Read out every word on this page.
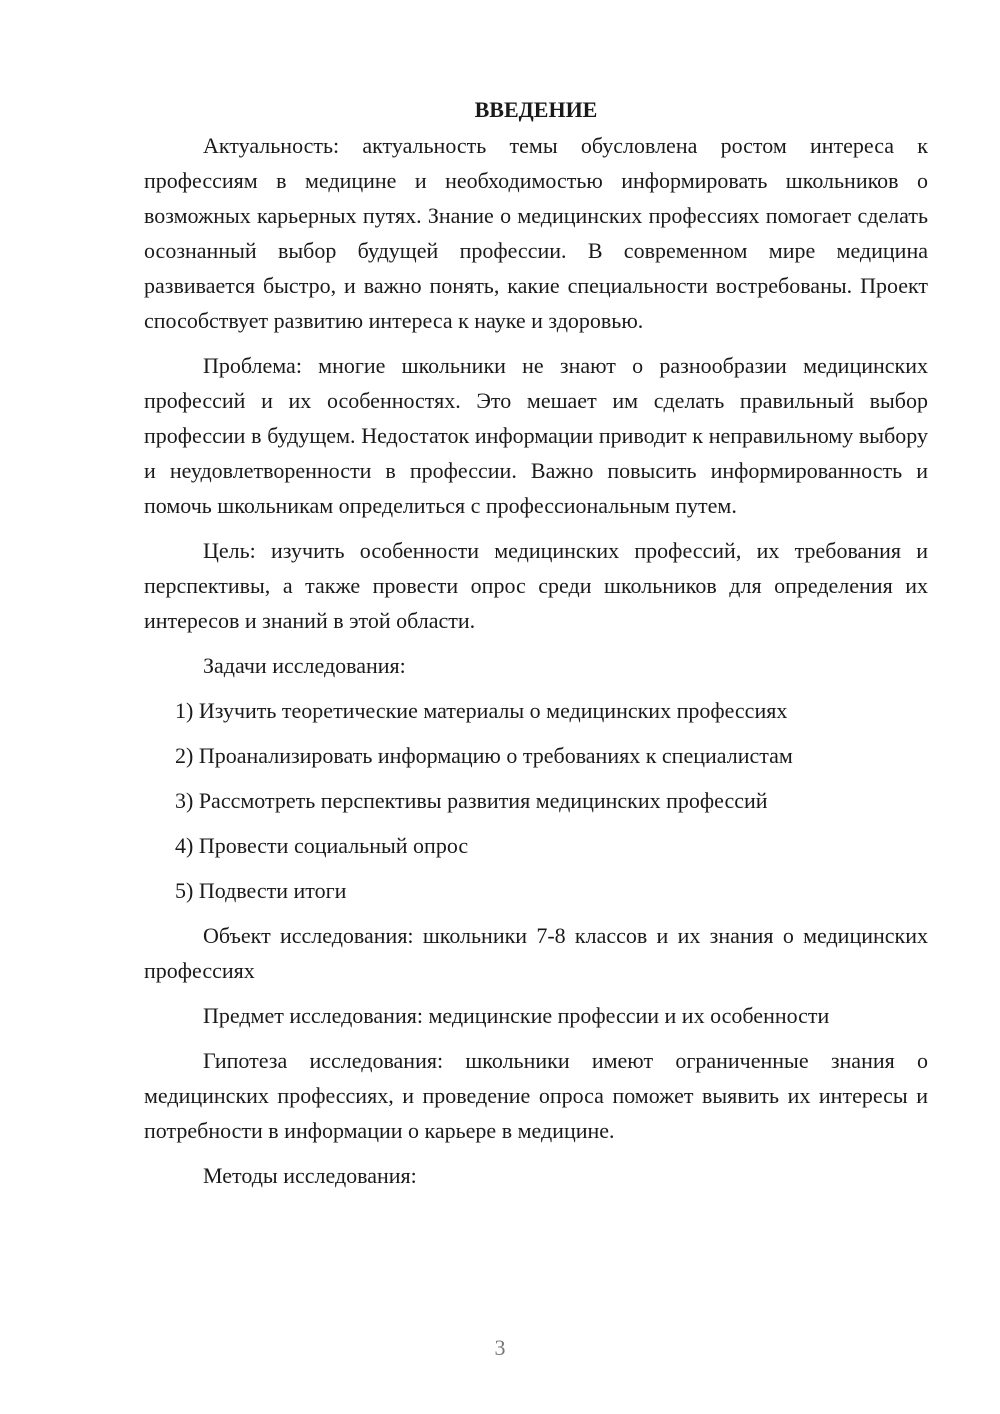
ВВЕДЕНИЕ

Актуальность: актуальность темы обусловлена ростом интереса к профессиям в медицине и необходимостью информировать школьников о возможных карьерных путях. Знание о медицинских профессиях помогает сделать осознанный выбор будущей профессии. В современном мире медицина развивается быстро, и важно понять, какие специальности востребованы. Проект способствует развитию интереса к науке и здоровью.

Проблема: многие школьники не знают о разнообразии медицинских профессий и их особенностях. Это мешает им сделать правильный выбор профессии в будущем. Недостаток информации приводит к неправильному выбору и неудовлетворенности в профессии. Важно повысить информированность и помочь школьникам определиться с профессиональным путем.

Цель: изучить особенности медицинских профессий, их требования и перспективы, а также провести опрос среди школьников для определения их интересов и знаний в этой области.

Задачи исследования:

1) Изучить теоретические материалы о медицинских профессиях
2) Проанализировать информацию о требованиях к специалистам
3) Рассмотреть перспективы развития медицинских профессий
4) Провести социальный опрос
5) Подвести итоги

Объект исследования: школьники 7-8 классов и их знания о медицинских профессиях

Предмет исследования: медицинские профессии и их особенности

Гипотеза исследования: школьники имеют ограниченные знания о медицинских профессиях, и проведение опроса поможет выявить их интересы и потребности в информации о карьере в медицине.

Методы исследования:

3
